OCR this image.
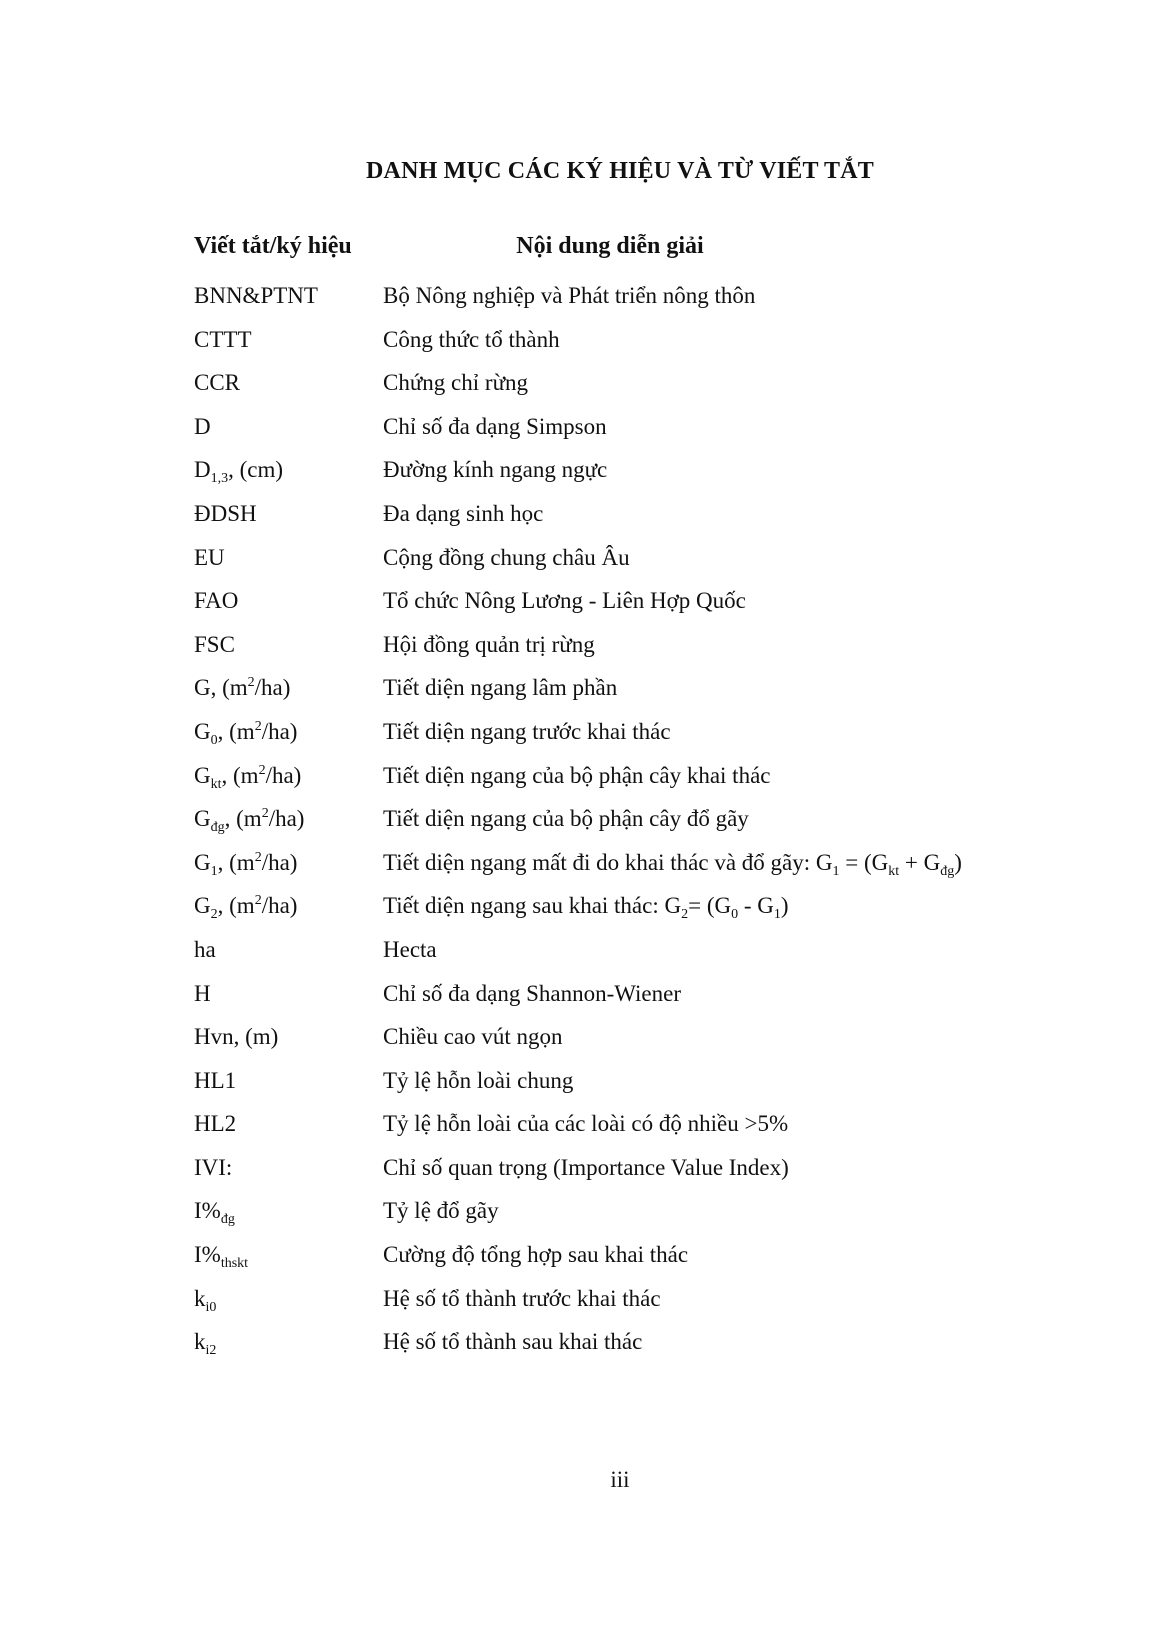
DANH MỤC CÁC KÝ HIỆU VÀ TỪ VIẾT TẮT
Viết tắt/ký hiệu	Nội dung diễn giải
BNN&PTNT	Bộ Nông nghiệp và Phát triển nông thôn
CTTT	Công thức tổ thành
CCR	Chứng chỉ rừng
D	Chỉ số đa dạng Simpson
$D_{1,3}$, (cm)	Đường kính ngang ngực
ĐDSH	Đa dạng sinh học
EU	Cộng đồng chung châu Âu
FAO	Tổ chức Nông Lương - Liên Hợp Quốc
FSC	Hội đồng quản trị rừng
G, $(m^2/ha)$	Tiết diện ngang lâm phần
$G_0$, $(m^2/ha)$	Tiết diện ngang trước khai thác
$G_{kt}$, $(m^2/ha)$	Tiết diện ngang của bộ phận cây khai thác
$G_{đg}$, $(m^2/ha)$	Tiết diện ngang của bộ phận cây đổ gãy
$G_1$, $(m^2/ha)$	Tiết diện ngang mất đi do khai thác và đổ gãy: $G_1 = (G_{kt} + G_{đg})$
$G_2$, $(m^2/ha)$	Tiết diện ngang sau khai thác: $G_2= (G_0 - G_1)$
ha	Hecta
H	Chỉ số đa dạng Shannon-Wiener
Hvn, (m)	Chiều cao vút ngọn
HL1	Tỷ lệ hỗn loài chung
HL2	Tỷ lệ hỗn loài của các loài có độ nhiều >5%
IVI:	Chỉ số quan trọng (Importance Value Index)
$I\%_{đg}$	Tỷ lệ đổ gãy
$I\%_{thskt}$	Cường độ tổng hợp sau khai thác
$k_{i0}$	Hệ số tổ thành trước khai thác
$k_{i2}$	Hệ số tổ thành sau khai thác
iii
